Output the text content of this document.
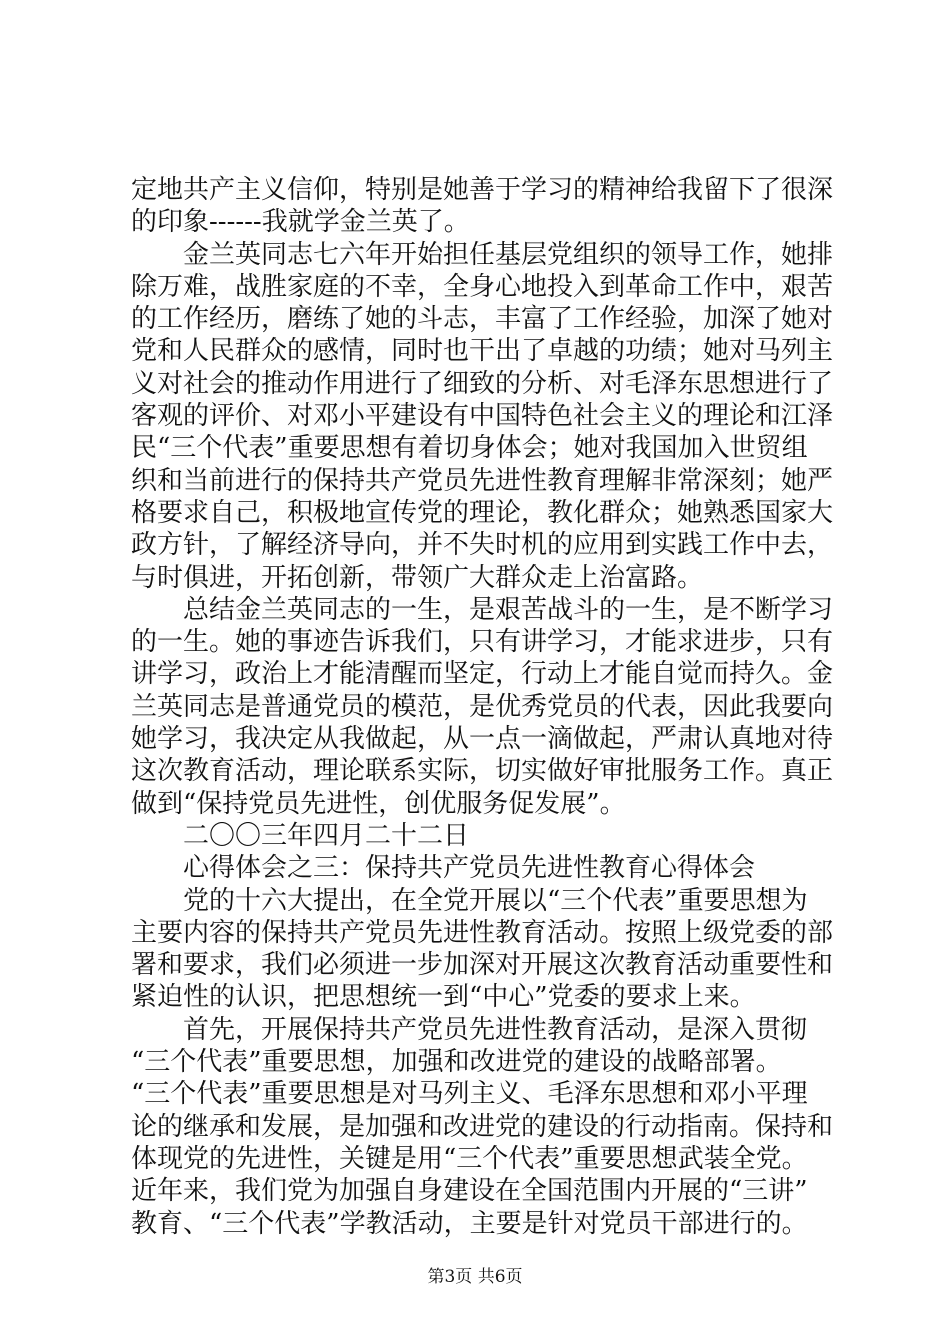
定地共产主义信仰，特别是她善于学习的精神给我留下了很深
的印象------我就学金兰英了。
金兰英同志七六年开始担任基层党组织的领导工作，她排
除万难，战胜家庭的不幸，全身心地投入到革命工作中，艰苦
的工作经历，磨练了她的斗志，丰富了工作经验，加深了她对
党和人民群众的感情，同时也干出了卓越的功绩；她对马列主
义对社会的推动作用进行了细致的分析、对毛泽东思想进行了
客观的评价、对邓小平建设有中国特色社会主义的理论和江泽
民“三个代表”重要思想有着切身体会；她对我国加入世贸组
织和当前进行的保持共产党员先进性教育理解非常深刻；她严
格要求自己，积极地宣传党的理论，教化群众；她熟悉国家大
政方针，了解经济导向，并不失时机的应用到实践工作中去，
与时俱进，开拓创新，带领广大群众走上治富路。
总结金兰英同志的一生，是艰苦战斗的一生，是不断学习
的一生。她的事迹告诉我们，只有讲学习，才能求进步，只有
讲学习，政治上才能清醒而坚定，行动上才能自觉而持久。金
兰英同志是普通党员的模范，是优秀党员的代表，因此我要向
她学习，我决定从我做起，从一点一滴做起，严肃认真地对待
这次教育活动，理论联系实际，切实做好审批服务工作。真正
做到“保持党员先进性，创优服务促发展”。
二〇〇三年四月二十二日
心得体会之三：保持共产党员先进性教育心得体会
党的十六大提出，在全党开展以“三个代表”重要思想为
主要内容的保持共产党员先进性教育活动。按照上级党委的部
署和要求，我们必须进一步加深对开展这次教育活动重要性和
紧迫性的认识，把思想统一到“中心”党委的要求上来。
首先，开展保持共产党员先进性教育活动，是深入贯彻
“三个代表”重要思想，加强和改进党的建设的战略部署。
“三个代表”重要思想是对马列主义、毛泽东思想和邓小平理
论的继承和发展，是加强和改进党的建设的行动指南。保持和
体现党的先进性，关键是用“三个代表”重要思想武装全党。
近年来，我们党为加强自身建设在全国范围内开展的“三讲”
教育、“三个代表”学教活动，主要是针对党员干部进行的。
第3页 共6页
